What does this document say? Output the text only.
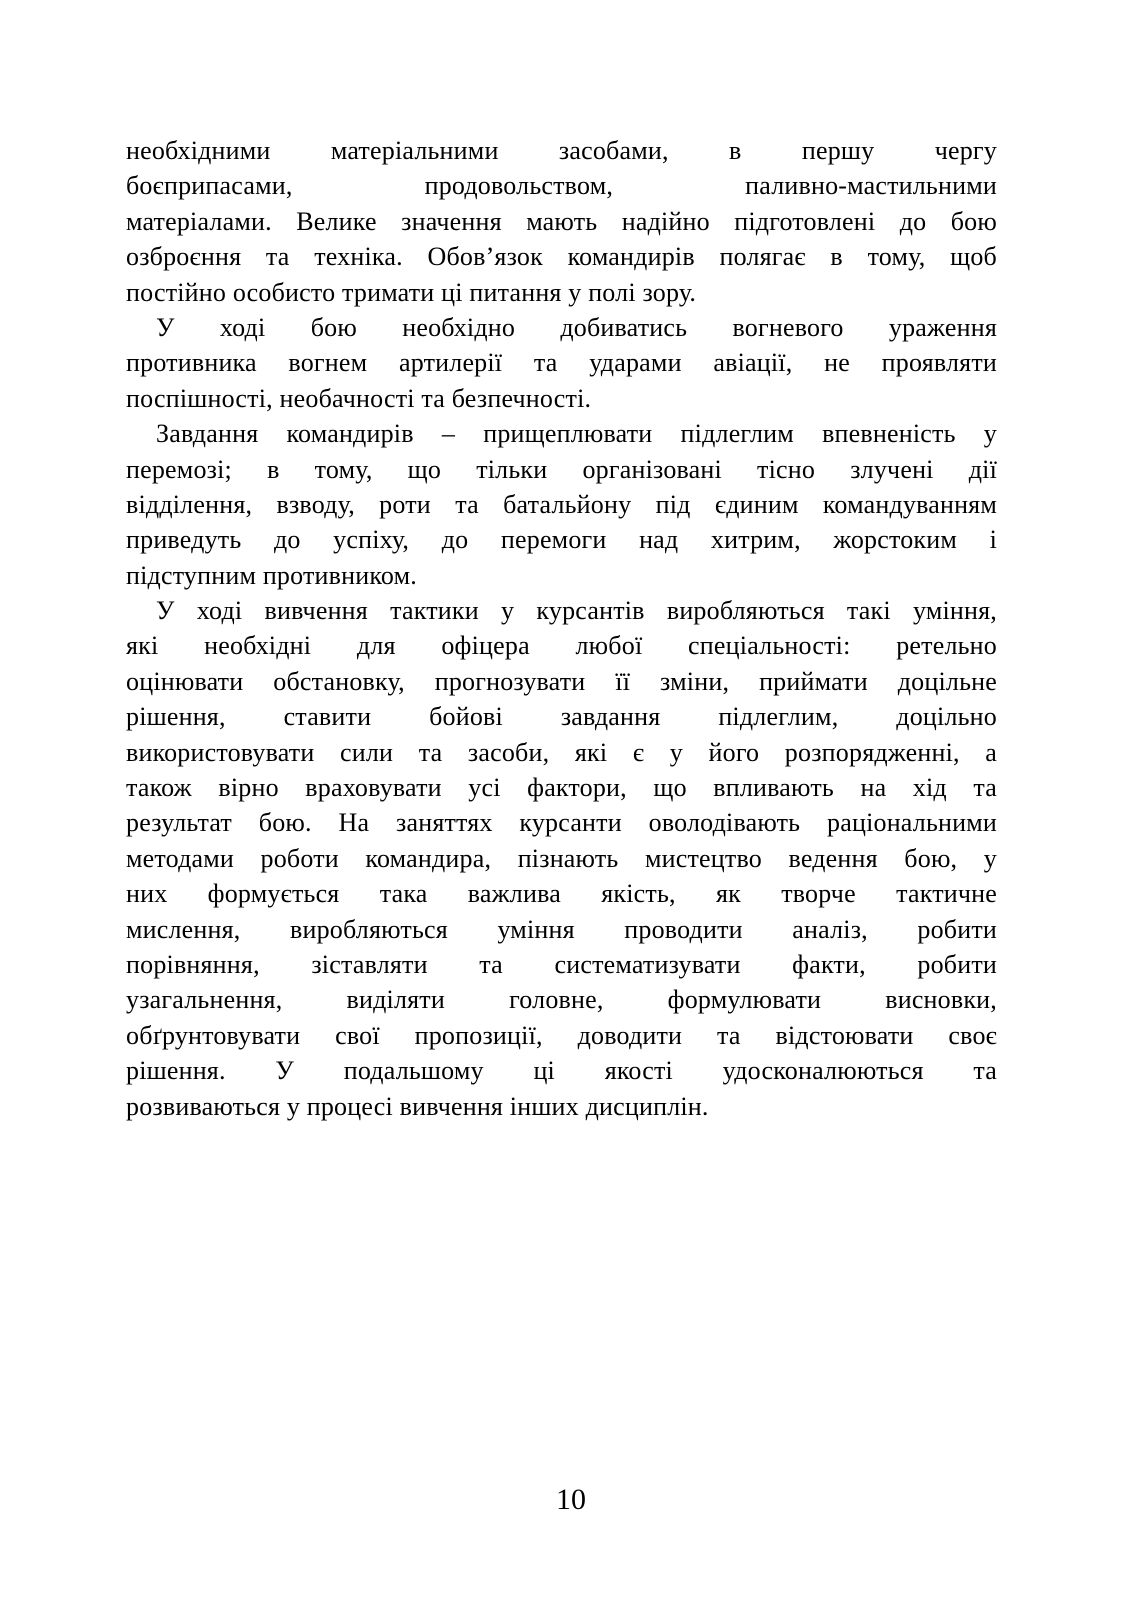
необхідними матеріальними засобами, в першу чергу
боєприпасами, продовольством, паливно-мастильними
матеріалами. Велике значення мають надійно підготовлені до бою
озброєння та техніка. Обов’язок командирів полягає в тому, щоб
постійно особисто тримати ці питання у полі зору.
У ході бою необхідно добиватись вогневого ураження
противника вогнем артилерії та ударами авіації, не проявляти
поспішності, необачності та безпечності.
Завдання командирів – прищеплювати підлеглим впевненість у
перемозі; в тому, що тільки організовані тісно злучені дії
відділення, взводу, роти та батальйону під єдиним командуванням
приведуть до успіху, до перемоги над хитрим, жорстоким і
підступним противником.
У ході вивчення тактики у курсантів виробляються такі уміння,
які необхідні для офіцера любої спеціальності: ретельно
оцінювати обстановку, прогнозувати її зміни, приймати доцільне
рішення, ставити бойові завдання підлеглим, доцільно
використовувати сили та засоби, які є у його розпорядженні, а
також вірно враховувати усі фактори, що впливають на хід та
результат бою. На заняттях курсанти оволодівають раціональними
методами роботи командира, пізнають мистецтво ведення бою, у
них формується така важлива якість, як творче тактичне
мислення, виробляються уміння проводити аналіз, робити
порівняння, зіставляти та систематизувати факти, робити
узагальнення, виділяти головне, формулювати висновки,
обґрунтовувати свої пропозиції, доводити та відстоювати своє
рішення. У подальшому ці якості удосконалюються та
розвиваються у процесі вивчення інших дисциплін.
10
